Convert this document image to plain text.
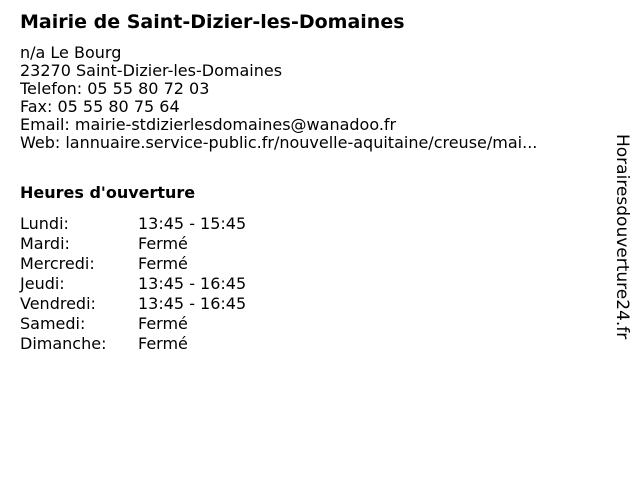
Mairie de Saint-Dizier-les-Domaines
n/a Le Bourg
23270 Saint-Dizier-les-Domaines
Telefon: 05 55 80 72 03
Fax: 05 55 80 75 64
Email: mairie-stdizierlesdomaines@wanadoo.fr
Web: lannuaire.service-public.fr/nouvelle-aquitaine/creuse/mai...
Heures d'ouverture
Lundi:	13:45 - 15:45
Mardi:	Fermé
Mercredi:	Fermé
Jeudi:	13:45 - 16:45
Vendredi:	13:45 - 16:45
Samedi:	Fermé
Dimanche:	Fermé
Horairesdouverture24.fr
